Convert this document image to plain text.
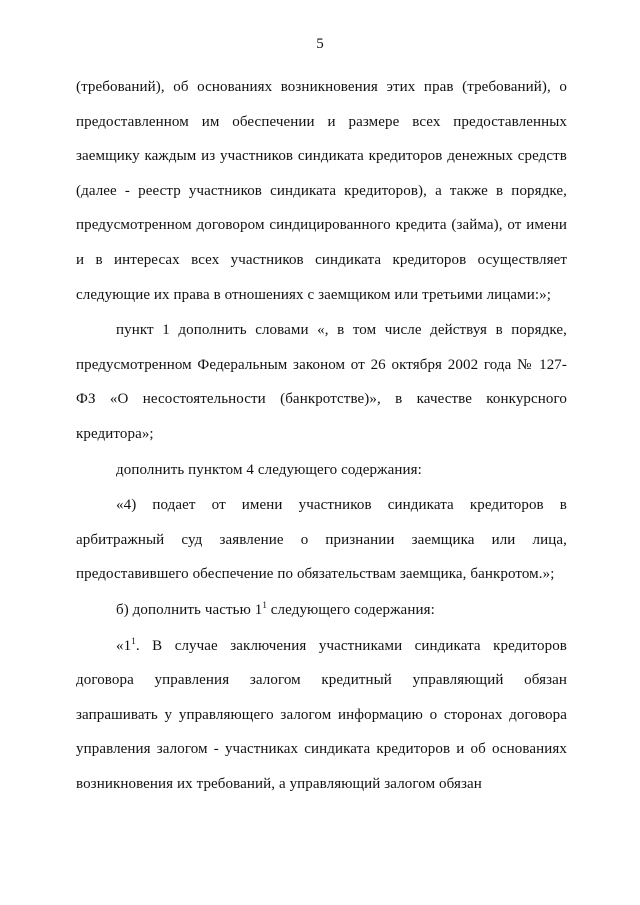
5

(требований), об основаниях возникновения этих прав (требований), о предоставленном им обеспечении и размере всех предоставленных заемщику каждым из участников синдиката кредиторов денежных средств (далее - реестр участников синдиката кредиторов), а также в порядке, предусмотренном договором синдицированного кредита (займа), от имени и в интересах всех участников синдиката кредиторов осуществляет следующие их права в отношениях с заемщиком или третьими лицами:»;

пункт 1 дополнить словами «, в том числе действуя в порядке, предусмотренном Федеральным законом от 26 октября 2002 года № 127-ФЗ «О несостоятельности (банкротстве)», в качестве конкурсного кредитора»;

дополнить пунктом 4 следующего содержания:

«4) подает от имени участников синдиката кредиторов в арбитражный суд заявление о признании заемщика или лица, предоставившего обеспечение по обязательствам заемщика, банкротом.»;

б) дополнить частью $1^1$ следующего содержания:

«$1^1$. В случае заключения участниками синдиката кредиторов договора управления залогом кредитный управляющий обязан запрашивать у управляющего залогом информацию о сторонах договора управления залогом - участниках синдиката кредиторов и об основаниях возникновения их требований, а управляющий залогом обязан
